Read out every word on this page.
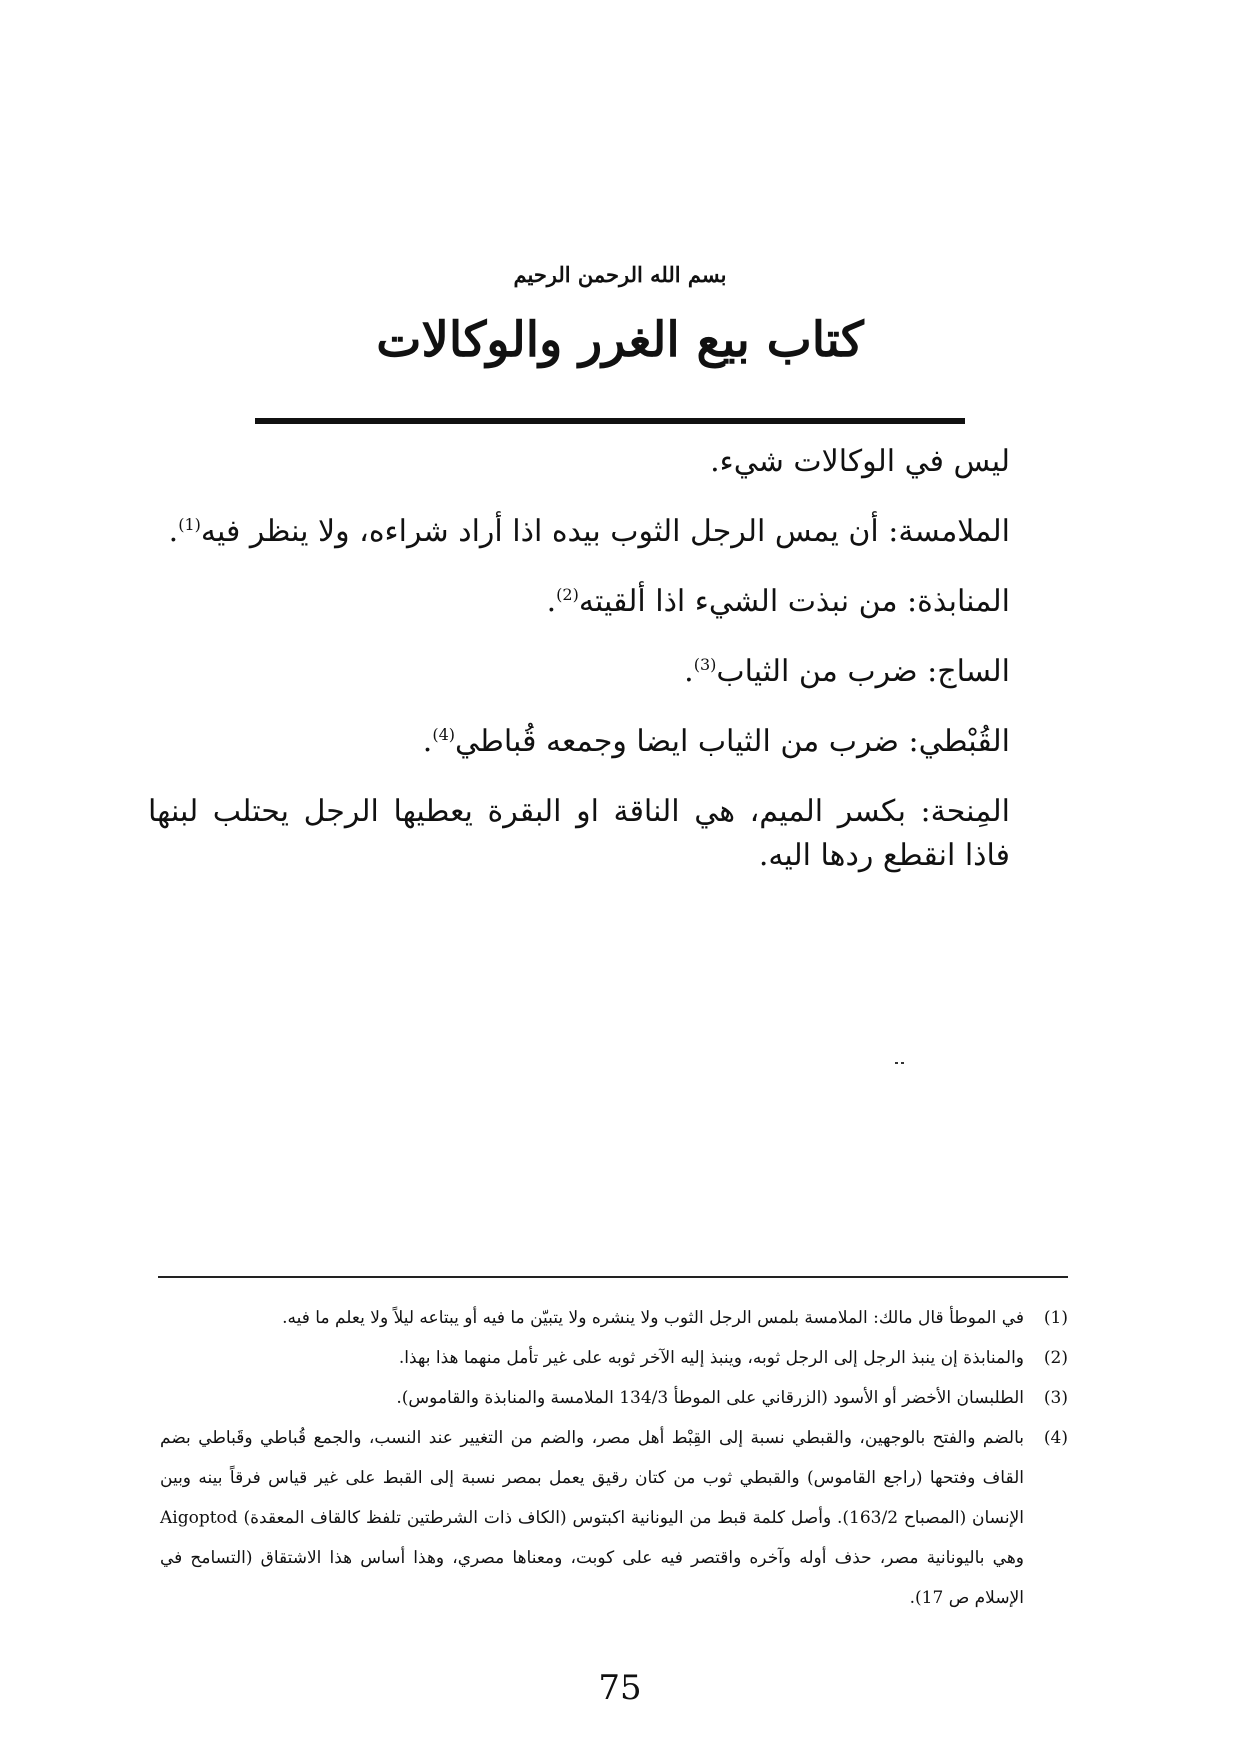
بسم الله الرحمن الرحيم
كتاب بيع الغرر والوكالات

ليس في الوكالات شيء.

الملامسة: أن يمس الرجل الثوب بيده اذا أراد شراءه، ولا ينظر فيه$^{(1)}$.

المنابذة: من نبذت الشيء اذا ألقيته$^{(2)}$.

الساج: ضرب من الثياب$^{(3)}$.

القُبْطي: ضرب من الثياب ايضا وجمعه قُباطي$^{(4)}$.

المِنحة: بكسر الميم، هي الناقة او البقرة يعطيها الرجل يحتلب لبنها فاذا انقطع ردها اليه.

(1)
في الموطأ قال مالك: الملامسة بلمس الرجل الثوب ولا ينشره ولا يتبيّن ما فيه أو يبتاعه ليلاً ولا يعلم ما فيه.
(2)
والمنابذة إن ينبذ الرجل إلى الرجل ثوبه، وينبذ إليه الآخر ثوبه على غير تأمل منهما هذا بهذا.
(3)
الطلبسان الأخضر أو الأسود (الزرقاني على الموطأ 134/3 الملامسة والمنابذة والقاموس).
(4)
بالضم والفتح بالوجهين، والقبطي نسبة إلى القِبْط أهل مصر، والضم من التغيير عند النسب، والجمع قُباطي وقَباطي بضم القاف وفتحها (راجع القاموس) والقبطي ثوب من كتان رقيق يعمل بمصر نسبة إلى القبط على غير قياس فرقاً بينه وبين الإنسان (المصباح 163/2). وأصل كلمة قبط من اليونانية اكبتوس (الكاف ذات الشرطتين تلفظ كالقاف المعقدة) Aigoptod وهي باليونانية مصر، حذف أوله وآخره واقتصر فيه على كوبت، ومعناها مصري، وهذا أساس هذا الاشتقاق (التسامح في الإسلام ص 17).
75
